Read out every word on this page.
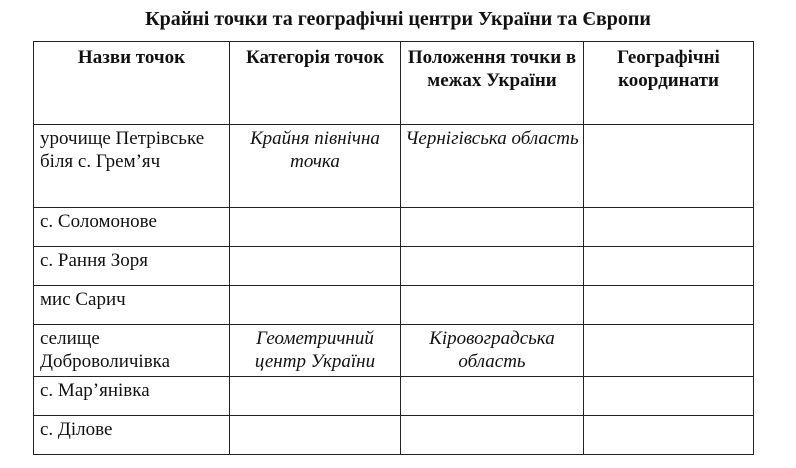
Крайні точки та географічні центри України та Європи
Назви точок	Категорія точок	Положення точки в межах України	Географічні координати
урочище Петрівське біля с. Грем’яч	Крайня північна точка	Чернігівська область	
с. Соломонове			
с. Рання Зоря			
мис Сарич			
селище Доброволичівка	Геометричний центр України	Кіровоградська область	
с. Мар’янівка			
с. Ділове			
